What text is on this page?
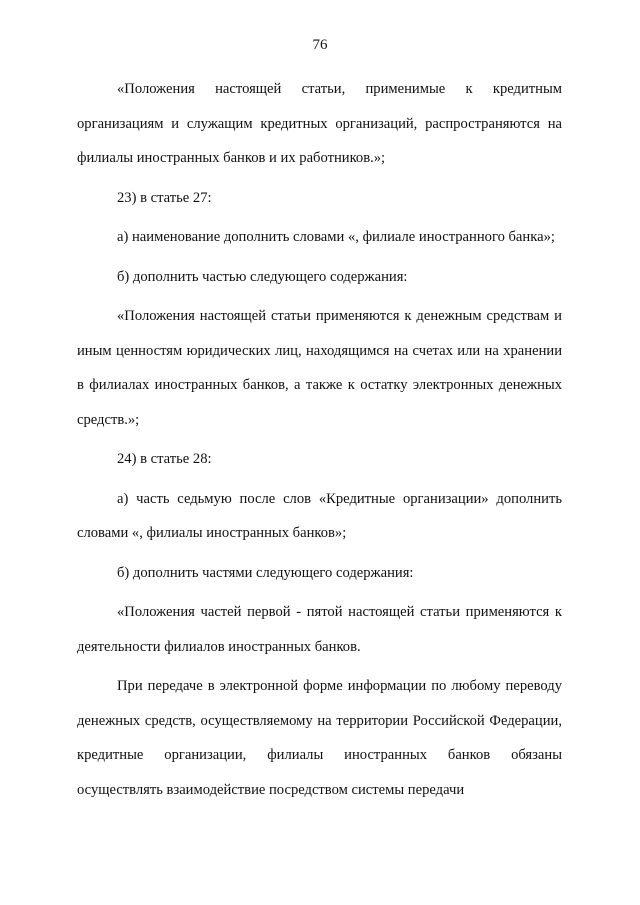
76

«Положения настоящей статьи, применимые к кредитным организациям и служащим кредитных организаций, распространяются на филиалы иностранных банков и их работников.»;

23) в статье 27:

а) наименование дополнить словами «, филиале иностранного банка»;

б) дополнить частью следующего содержания:

«Положения настоящей статьи применяются к денежным средствам и иным ценностям юридических лиц, находящимся на счетах или на хранении в филиалах иностранных банков, а также к остатку электронных денежных средств.»;

24) в статье 28:

а) часть седьмую после слов «Кредитные организации» дополнить словами «, филиалы иностранных банков»;

б) дополнить частями следующего содержания:

«Положения частей первой - пятой настоящей статьи применяются к деятельности филиалов иностранных банков.

При передаче в электронной форме информации по любому переводу денежных средств, осуществляемому на территории Российской Федерации, кредитные организации, филиалы иностранных банков обязаны осуществлять взаимодействие посредством системы передачи
